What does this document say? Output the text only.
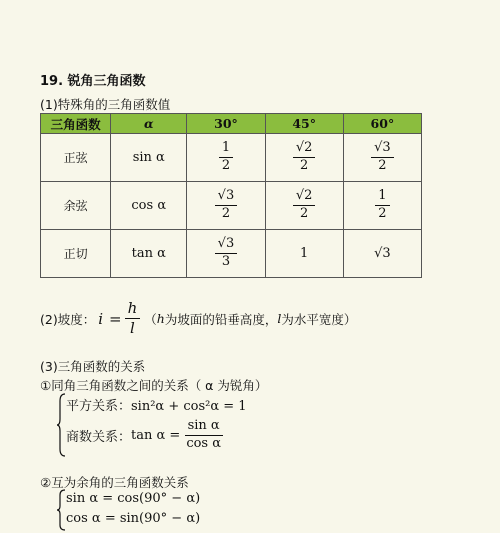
19. 锐角三角函数
(1)特殊角的三角函数值
三角函数	α	30°	45°	60°
正弦	sin α	$\frac{1}{2}$	$\frac{√2}{2}$	$\frac{√3}{2}$

余弦	cos α	$\frac{√3}{2}$	$\frac{√2}{2}$	$\frac{1}{2}$

正切	tan α	$\frac{√3}{3}$	1	√3
(2)坡度： $i = \frac{h}{l}$ （ h 为坡面的铅垂高度， l 为水平宽度）
(3)三角函数的关系
①同角三角函数之间的关系（ α 为锐角）
平方关系：sin²α + cos²α = 1
商数关系： $\tan \alpha = \frac{\text{sin α}}{\text{cos α}}$
②互为余角的三角函数关系
sin α = cos(90° − α)
cos α = sin(90° − α)
